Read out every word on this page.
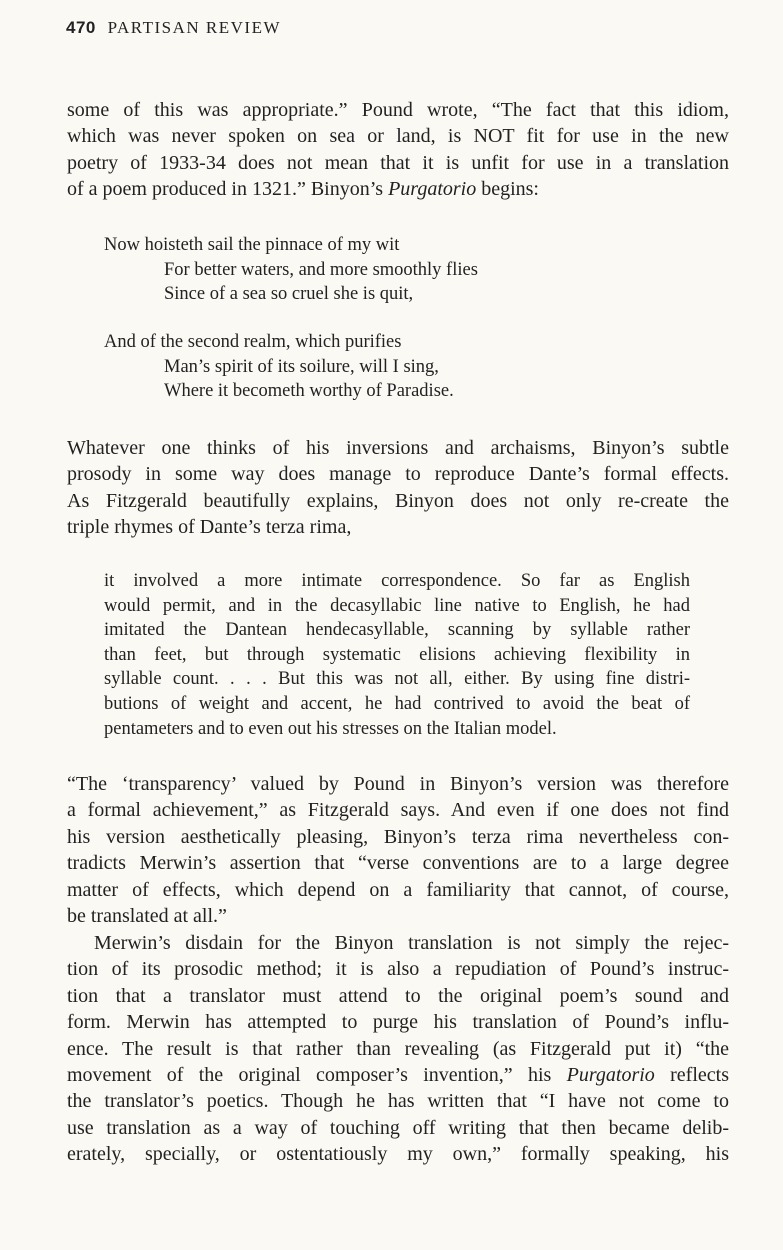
470 PARTISAN REVIEW
some of this was appropriate.” Pound wrote, “The fact that this idiom,
which was never spoken on sea or land, is NOT fit for use in the new
poetry of 1933-34 does not mean that it is unfit for use in a translation
of a poem produced in 1321.” Binyon’s Purgatorio begins:
Now hoisteth sail the pinnace of my wit
For better waters, and more smoothly flies
Since of a sea so cruel she is quit,
And of the second realm, which purifies
Man’s spirit of its soilure, will I sing,
Where it becometh worthy of Paradise.
Whatever one thinks of his inversions and archaisms, Binyon’s subtle
prosody in some way does manage to reproduce Dante’s formal effects.
As Fitzgerald beautifully explains, Binyon does not only re-create the
triple rhymes of Dante’s terza rima,
it involved a more intimate correspondence. So far as English
would permit, and in the decasyllabic line native to English, he had
imitated the Dantean hendecasyllable, scanning by syllable rather
than feet, but through systematic elisions achieving flexibility in
syllable count. . . . But this was not all, either. By using fine distri-
butions of weight and accent, he had contrived to avoid the beat of
pentameters and to even out his stresses on the Italian model.
“The ‘transparency’ valued by Pound in Binyon’s version was therefore
a formal achievement,” as Fitzgerald says. And even if one does not find
his version aesthetically pleasing, Binyon’s terza rima nevertheless con-
tradicts Merwin’s assertion that “verse conventions are to a large degree
matter of effects, which depend on a familiarity that cannot, of course,
be translated at all.”
Merwin’s disdain for the Binyon translation is not simply the rejec-
tion of its prosodic method; it is also a repudiation of Pound’s instruc-
tion that a translator must attend to the original poem’s sound and
form. Merwin has attempted to purge his translation of Pound’s influ-
ence. The result is that rather than revealing (as Fitzgerald put it) “the
movement of the original composer’s invention,” his Purgatorio reflects
the translator’s poetics. Though he has written that “I have not come to
use translation as a way of touching off writing that then became delib-
erately, specially, or ostentatiously my own,” formally speaking, his
